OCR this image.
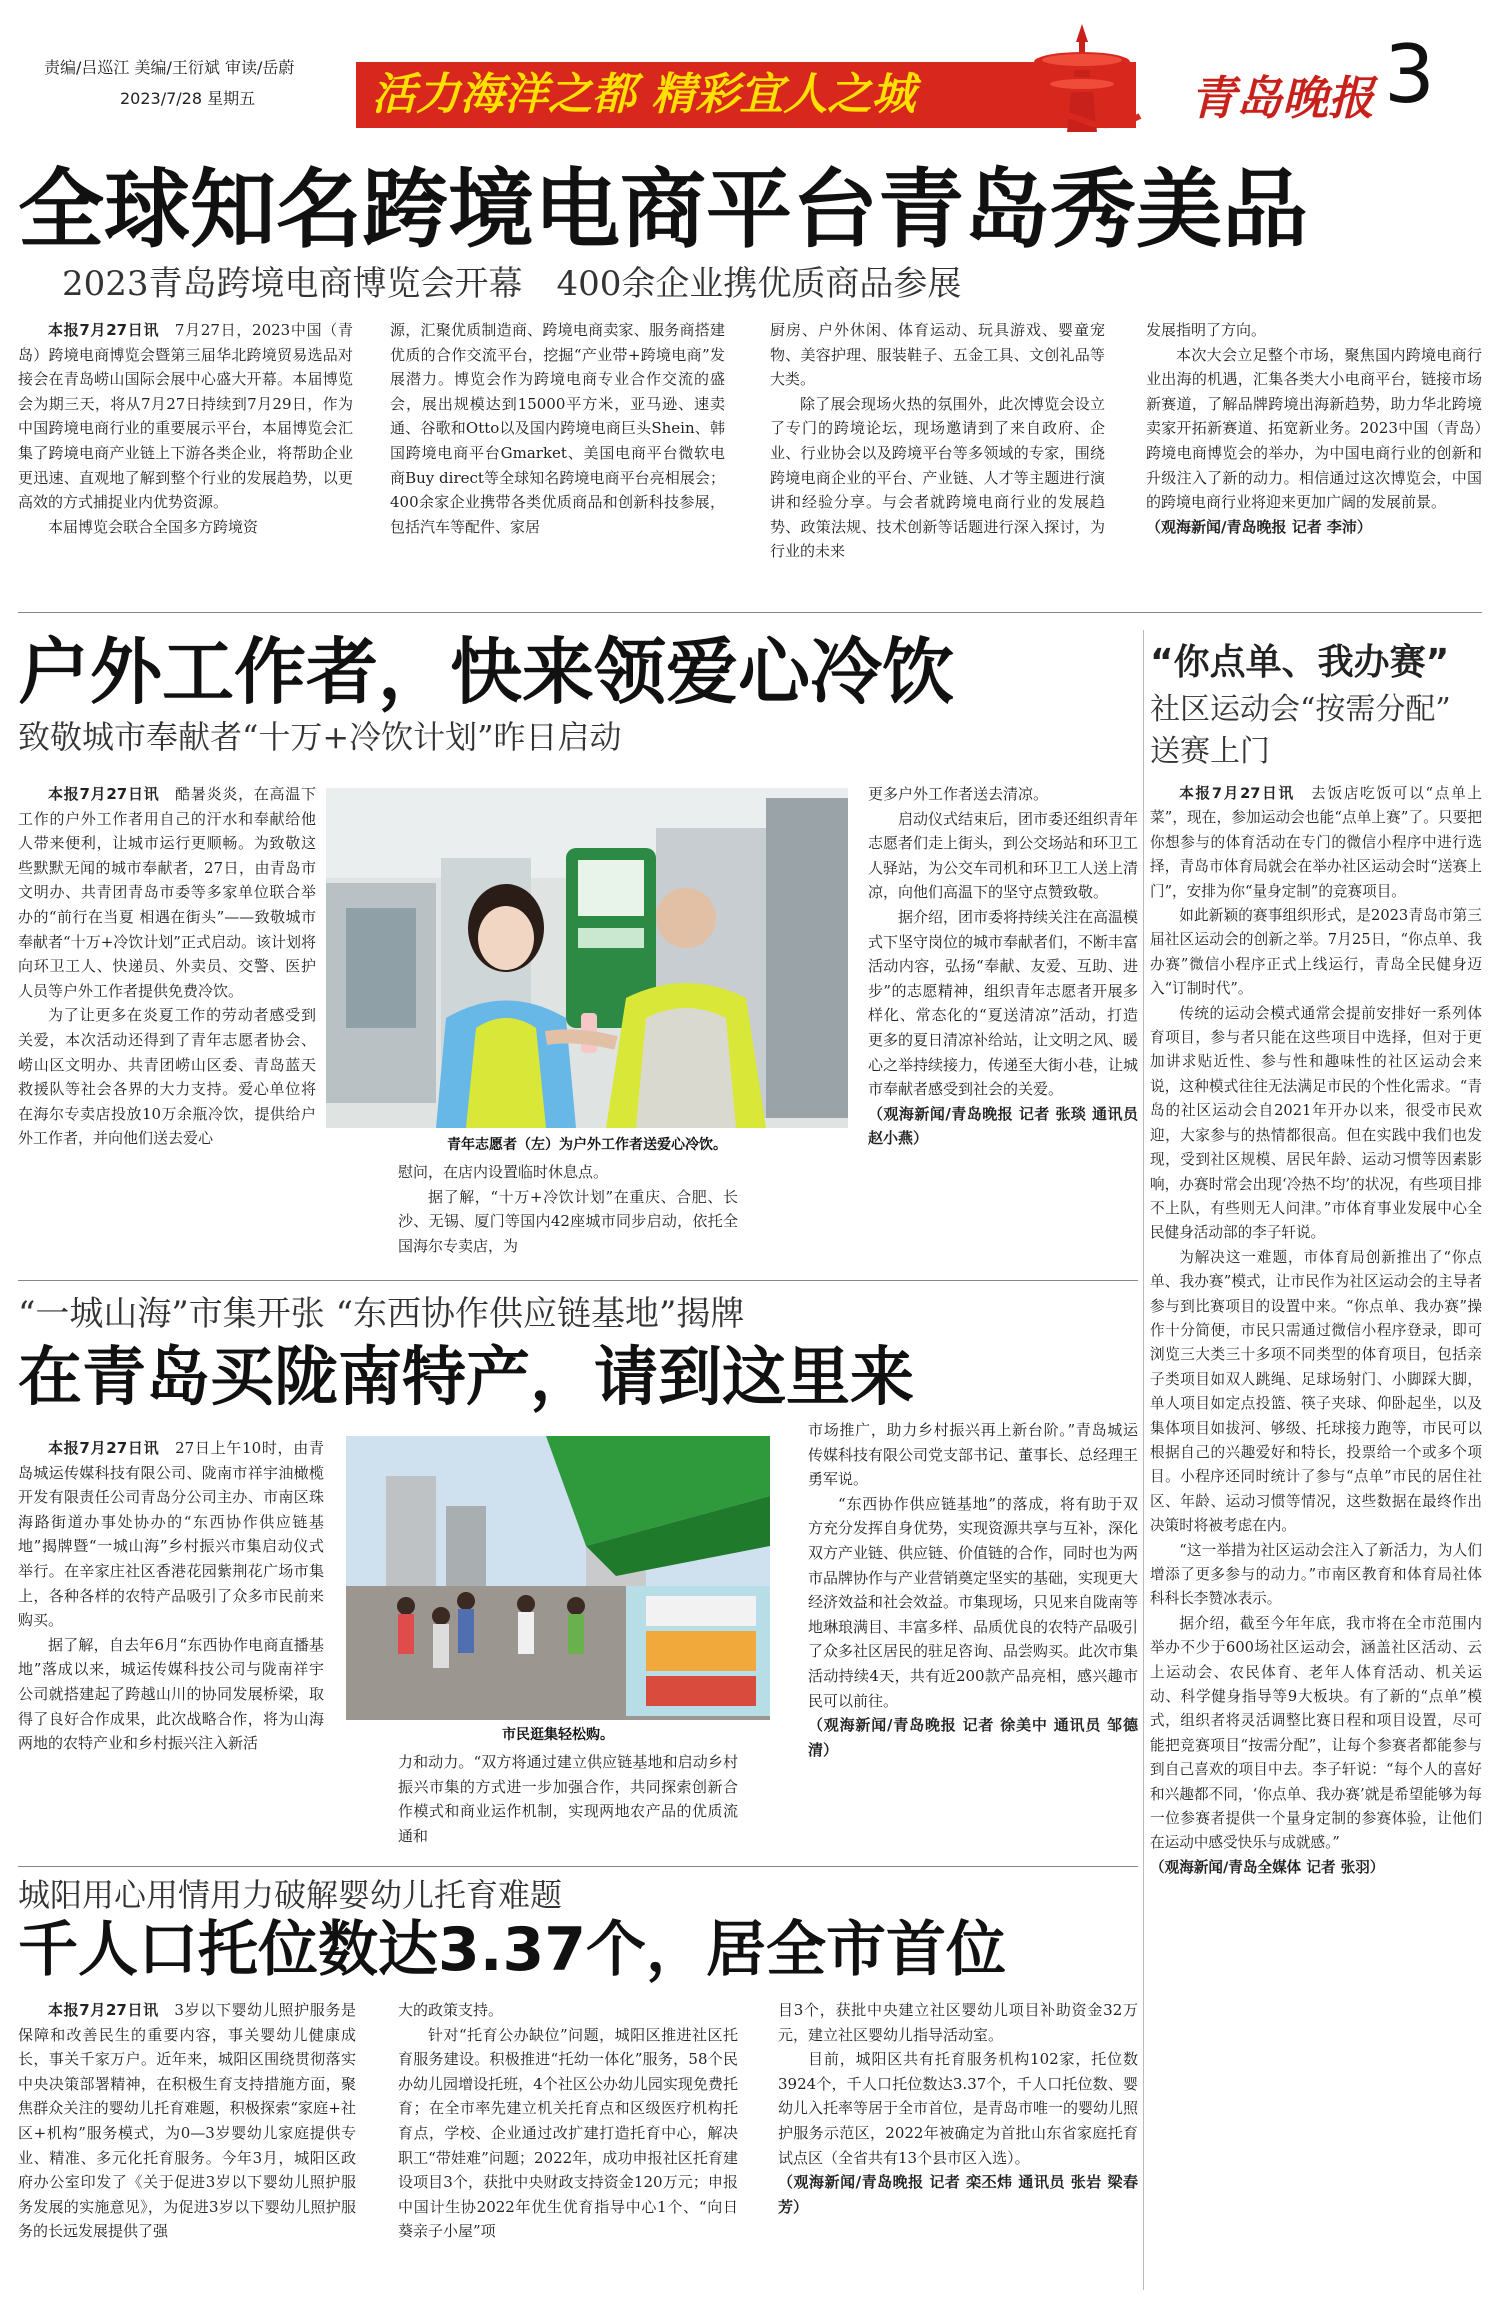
责编/吕巡江 美编/王衍斌 审读/岳蔚
2023/7/28 星期五	活力海洋之都 精彩宜人之城	青岛晚报 3
全球知名跨境电商平台青岛秀美品
2023青岛跨境电商博览会开幕　400余企业携优质商品参展

本报7月27日讯　 7月27日，2023中国（青岛）跨境电商博览会暨第三届华北跨境贸易选品对接会在青岛崂山国际会展中心盛大开幕。本届博览会为期三天，将从7月27日持续到7月29日，作为中国跨境电商行业的重要展示平台，本届博览会汇集了跨境电商产业链上下游各类企业，将帮助企业更迅速、直观地了解到整个行业的发展趋势，以更高效的方式捕捉业内优势资源。

本届博览会联合全国多方跨境资

源，汇聚优质制造商、跨境电商卖家、服务商搭建优质的合作交流平台，挖掘“产业带+跨境电商”发展潜力。博览会作为跨境电商专业合作交流的盛会，展出规模达到15000平方米，亚马逊、速卖通、谷歌和Otto以及国内跨境电商巨头Shein、韩国跨境电商平台Gmarket、美国电商平台微软电商Buy direct等全球知名跨境电商平台亮相展会；400余家企业携带各类优质商品和创新科技参展，包括汽车等配件、家居

厨房、户外休闲、体育运动、玩具游戏、婴童宠物、美容护理、服装鞋子、五金工具、文创礼品等大类。

除了展会现场火热的氛围外，此次博览会设立了专门的跨境论坛，现场邀请到了来自政府、企业、行业协会以及跨境平台等多领域的专家，围绕跨境电商企业的平台、产业链、人才等主题进行演讲和经验分享。与会者就跨境电商行业的发展趋势、政策法规、技术创新等话题进行深入探讨，为行业的未来

发展指明了方向。

本次大会立足整个市场，聚焦国内跨境电商行业出海的机遇，汇集各类大小电商平台，链接市场新赛道，了解品牌跨境出海新趋势，助力华北跨境卖家开拓新赛道、拓宽新业务。2023中国（青岛）跨境电商博览会的举办，为中国电商行业的创新和升级注入了新的动力。相信通过这次博览会，中国的跨境电商行业将迎来更加广阔的发展前景。

（观海新闻/青岛晚报 记者 李沛）

户外工作者，快来领爱心冷饮
致敬城市奉献者“十万+冷饮计划”昨日启动

本报7月27日讯　 酷暑炎炎，在高温下工作的户外工作者用自己的汗水和奉献给他人带来便利，让城市运行更顺畅。为致敬这些默默无闻的城市奉献者，27日，由青岛市文明办、共青团青岛市委等多家单位联合举办的“前行在当夏 相遇在街头”——致敬城市奉献者“十万+冷饮计划”正式启动。该计划将向环卫工人、快递员、外卖员、交警、医护人员等户外工作者提供免费冷饮。

为了让更多在炎夏工作的劳动者感受到关爱，本次活动还得到了青年志愿者协会、崂山区文明办、共青团崂山区委、青岛蓝天救援队等社会各界的大力支持。爱心单位将在海尔专卖店投放10万余瓶冷饮，提供给户外工作者，并向他们送去爱心	青年志愿者（左）为户外工作者送爱心冷饮。

慰问，在店内设置临时休息点。

据了解，“十万+冷饮计划”在重庆、合肥、长沙、无锡、厦门等国内42座城市同步启动，依托全国海尔专卖店，为

更多户外工作者送去清凉。

启动仪式结束后，团市委还组织青年志愿者们走上街头，到公交场站和环卫工人驿站，为公交车司机和环卫工人送上清凉，向他们高温下的坚守点赞致敬。

据介绍，团市委将持续关注在高温模式下坚守岗位的城市奉献者们，不断丰富活动内容，弘扬“奉献、友爱、互助、进步”的志愿精神，组织青年志愿者开展多样化、常态化的“夏送清凉”活动，打造更多的夏日清凉补给站，让文明之风、暖心之举持续接力，传递至大街小巷，让城市奉献者感受到社会的关爱。

（观海新闻/青岛晚报 记者 张琰 通讯员 赵小燕）

“一城山海”市集开张 “东西协作供应链基地”揭牌
在青岛买陇南特产，请到这里来

本报7月27日讯　 27日上午10时，由青岛城运传媒科技有限公司、陇南市祥宇油橄榄开发有限责任公司青岛分公司主办、市南区珠海路街道办事处协办的“东西协作供应链基地”揭牌暨“一城山海”乡村振兴市集启动仪式举行。在辛家庄社区香港花园紫荆花广场市集上，各种各样的农特产品吸引了众多市民前来购买。

据了解，自去年6月“东西协作电商直播基地”落成以来，城运传媒科技公司与陇南祥宇公司就搭建起了跨越山川的协同发展桥梁，取得了良好合作成果，此次战略合作，将为山海两地的农特产业和乡村振兴注入新活	市民逛集轻松购。

力和动力。“双方将通过建立供应链基地和启动乡村振兴市集的方式进一步加强合作，共同探索创新合作模式和商业运作机制，实现两地农产品的优质流通和

市场推广，助力乡村振兴再上新台阶。”青岛城运传媒科技有限公司党支部书记、董事长、总经理王勇军说。

“东西协作供应链基地”的落成，将有助于双方充分发挥自身优势，实现资源共享与互补，深化双方产业链、供应链、价值链的合作，同时也为两市品牌协作与产业营销奠定坚实的基础，实现更大经济效益和社会效益。市集现场，只见来自陇南等地琳琅满目、丰富多样、品质优良的农特产品吸引了众多社区居民的驻足咨询、品尝购买。此次市集活动持续4天，共有近200款产品亮相，感兴趣市民可以前往。

（观海新闻/青岛晚报 记者 徐美中 通讯员 邹德清）

城阳用心用情用力破解婴幼儿托育难题
千人口托位数达3.37个，居全市首位

本报7月27日讯　 3岁以下婴幼儿照护服务是保障和改善民生的重要内容，事关婴幼儿健康成长，事关千家万户。近年来，城阳区围绕贯彻落实中央决策部署精神，在积极生育支持措施方面，聚焦群众关注的婴幼儿托育难题，积极探索“家庭+社区+机构”服务模式，为0—3岁婴幼儿家庭提供专业、精准、多元化托育服务。今年3月，城阳区政府办公室印发了《关于促进3岁以下婴幼儿照护服务发展的实施意见》，为促进3岁以下婴幼儿照护服务的长远发展提供了强

大的政策支持。

针对“托育公办缺位”问题，城阳区推进社区托育服务建设。积极推进“托幼一体化”服务，58个民办幼儿园增设托班，4个社区公办幼儿园实现免费托育；在全市率先建立机关托育点和区级医疗机构托育点，学校、企业通过改扩建打造托育中心，解决职工“带娃难”问题；2022年，成功申报社区托育建设项目3个，获批中央财政支持资金120万元；申报中国计生协2022年优生优育指导中心1个、“向日葵亲子小屋”项

目3个，获批中央建立社区婴幼儿项目补助资金32万元，建立社区婴幼儿指导活动室。

目前，城阳区共有托育服务机构102家，托位数3924个，千人口托位数达3.37个，千人口托位数、婴幼儿入托率等居于全市首位，是青岛市唯一的婴幼儿照护服务示范区，2022年被确定为首批山东省家庭托育试点区（全省共有13个县市区入选）。

（观海新闻/青岛晚报 记者 栾丕炜 通讯员 张岩 梁春芳）

“你点单、我办赛”
社区运动会“按需分配”
送赛上门

本报7月27日讯　 去饭店吃饭可以“点单上菜”，现在，参加运动会也能“点单上赛”了。只要把你想参与的体育活动在专门的微信小程序中进行选择，青岛市体育局就会在举办社区运动会时“送赛上门”，安排为你“量身定制”的竞赛项目。

如此新颖的赛事组织形式，是2023青岛市第三届社区运动会的创新之举。7月25日，“你点单、我办赛”微信小程序正式上线运行，青岛全民健身迈入“订制时代”。

传统的运动会模式通常会提前安排好一系列体育项目，参与者只能在这些项目中选择，但对于更加讲求贴近性、参与性和趣味性的社区运动会来说，这种模式往往无法满足市民的个性化需求。“青岛的社区运动会自2021年开办以来，很受市民欢迎，大家参与的热情都很高。但在实践中我们也发现，受到社区规模、居民年龄、运动习惯等因素影响，办赛时常会出现‘冷热不均’的状况，有些项目排不上队，有些则无人问津。”市体育事业发展中心全民健身活动部的李子轩说。

为解决这一难题，市体育局创新推出了“你点单、我办赛”模式，让市民作为社区运动会的主导者参与到比赛项目的设置中来。“你点单、我办赛”操作十分简便，市民只需通过微信小程序登录，即可浏览三大类三十多项不同类型的体育项目，包括亲子类项目如双人跳绳、足球场射门、小脚踩大脚，单人项目如定点投篮、筷子夹球、仰卧起坐，以及集体项目如拔河、够级、托球接力跑等，市民可以根据自己的兴趣爱好和特长，投票给一个或多个项目。小程序还同时统计了参与“点单”市民的居住社区、年龄、运动习惯等情况，这些数据在最终作出决策时将被考虑在内。

“这一举措为社区运动会注入了新活力，为人们增添了更多参与的动力。”市南区教育和体育局社体科科长李赞冰表示。

据介绍，截至今年年底，我市将在全市范围内举办不少于600场社区运动会，涵盖社区活动、云上运动会、农民体育、老年人体育活动、机关运动、科学健身指导等9大板块。有了新的“点单”模式，组织者将灵活调整比赛日程和项目设置，尽可能把竞赛项目“按需分配”，让每个参赛者都能参与到自己喜欢的项目中去。李子轩说：“每个人的喜好和兴趣都不同，‘你点单、我办赛’就是希望能够为每一位参赛者提供一个量身定制的参赛体验，让他们在运动中感受快乐与成就感。”

（观海新闻/青岛全媒体 记者 张羽）
